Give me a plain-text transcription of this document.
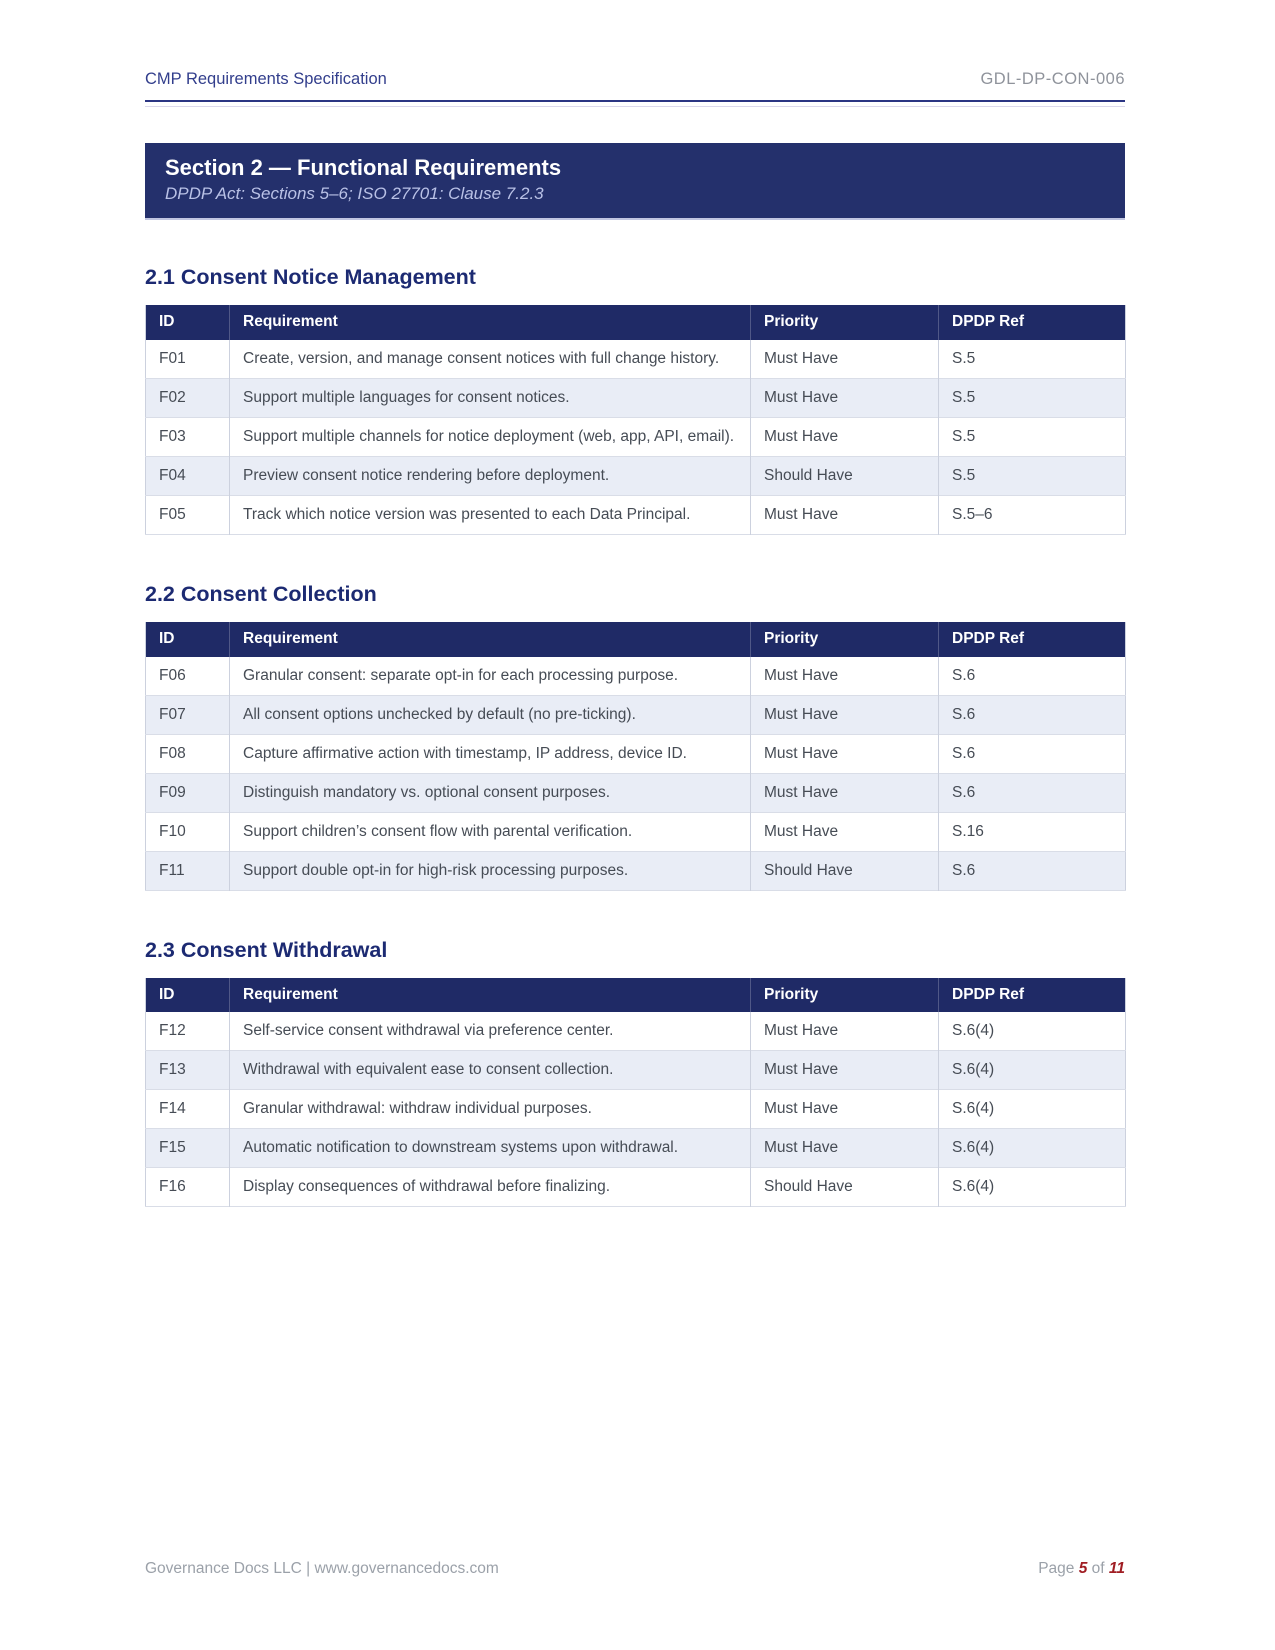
CMP Requirements Specification	GDL-DP-CON-006
Section 2 — Functional Requirements
DPDP Act: Sections 5–6; ISO 27701: Clause 7.2.3
2.1 Consent Notice Management
ID	Requirement	Priority	DPDP Ref
F01	Create, version, and manage consent notices with full change history.	Must Have	S.5
F02	Support multiple languages for consent notices.	Must Have	S.5
F03	Support multiple channels for notice deployment (web, app, API, email).	Must Have	S.5
F04	Preview consent notice rendering before deployment.	Should Have	S.5
F05	Track which notice version was presented to each Data Principal.	Must Have	S.5–6
2.2 Consent Collection
ID	Requirement	Priority	DPDP Ref
F06	Granular consent: separate opt-in for each processing purpose.	Must Have	S.6
F07	All consent options unchecked by default (no pre-ticking).	Must Have	S.6
F08	Capture affirmative action with timestamp, IP address, device ID.	Must Have	S.6
F09	Distinguish mandatory vs. optional consent purposes.	Must Have	S.6
F10	Support children’s consent flow with parental verification.	Must Have	S.16
F11	Support double opt-in for high-risk processing purposes.	Should Have	S.6
2.3 Consent Withdrawal
ID	Requirement	Priority	DPDP Ref
F12	Self-service consent withdrawal via preference center.	Must Have	S.6(4)
F13	Withdrawal with equivalent ease to consent collection.	Must Have	S.6(4)
F14	Granular withdrawal: withdraw individual purposes.	Must Have	S.6(4)
F15	Automatic notification to downstream systems upon withdrawal.	Must Have	S.6(4)
F16	Display consequences of withdrawal before finalizing.	Should Have	S.6(4)
Governance Docs LLC | www.governancedocs.com	Page 5 of 11
